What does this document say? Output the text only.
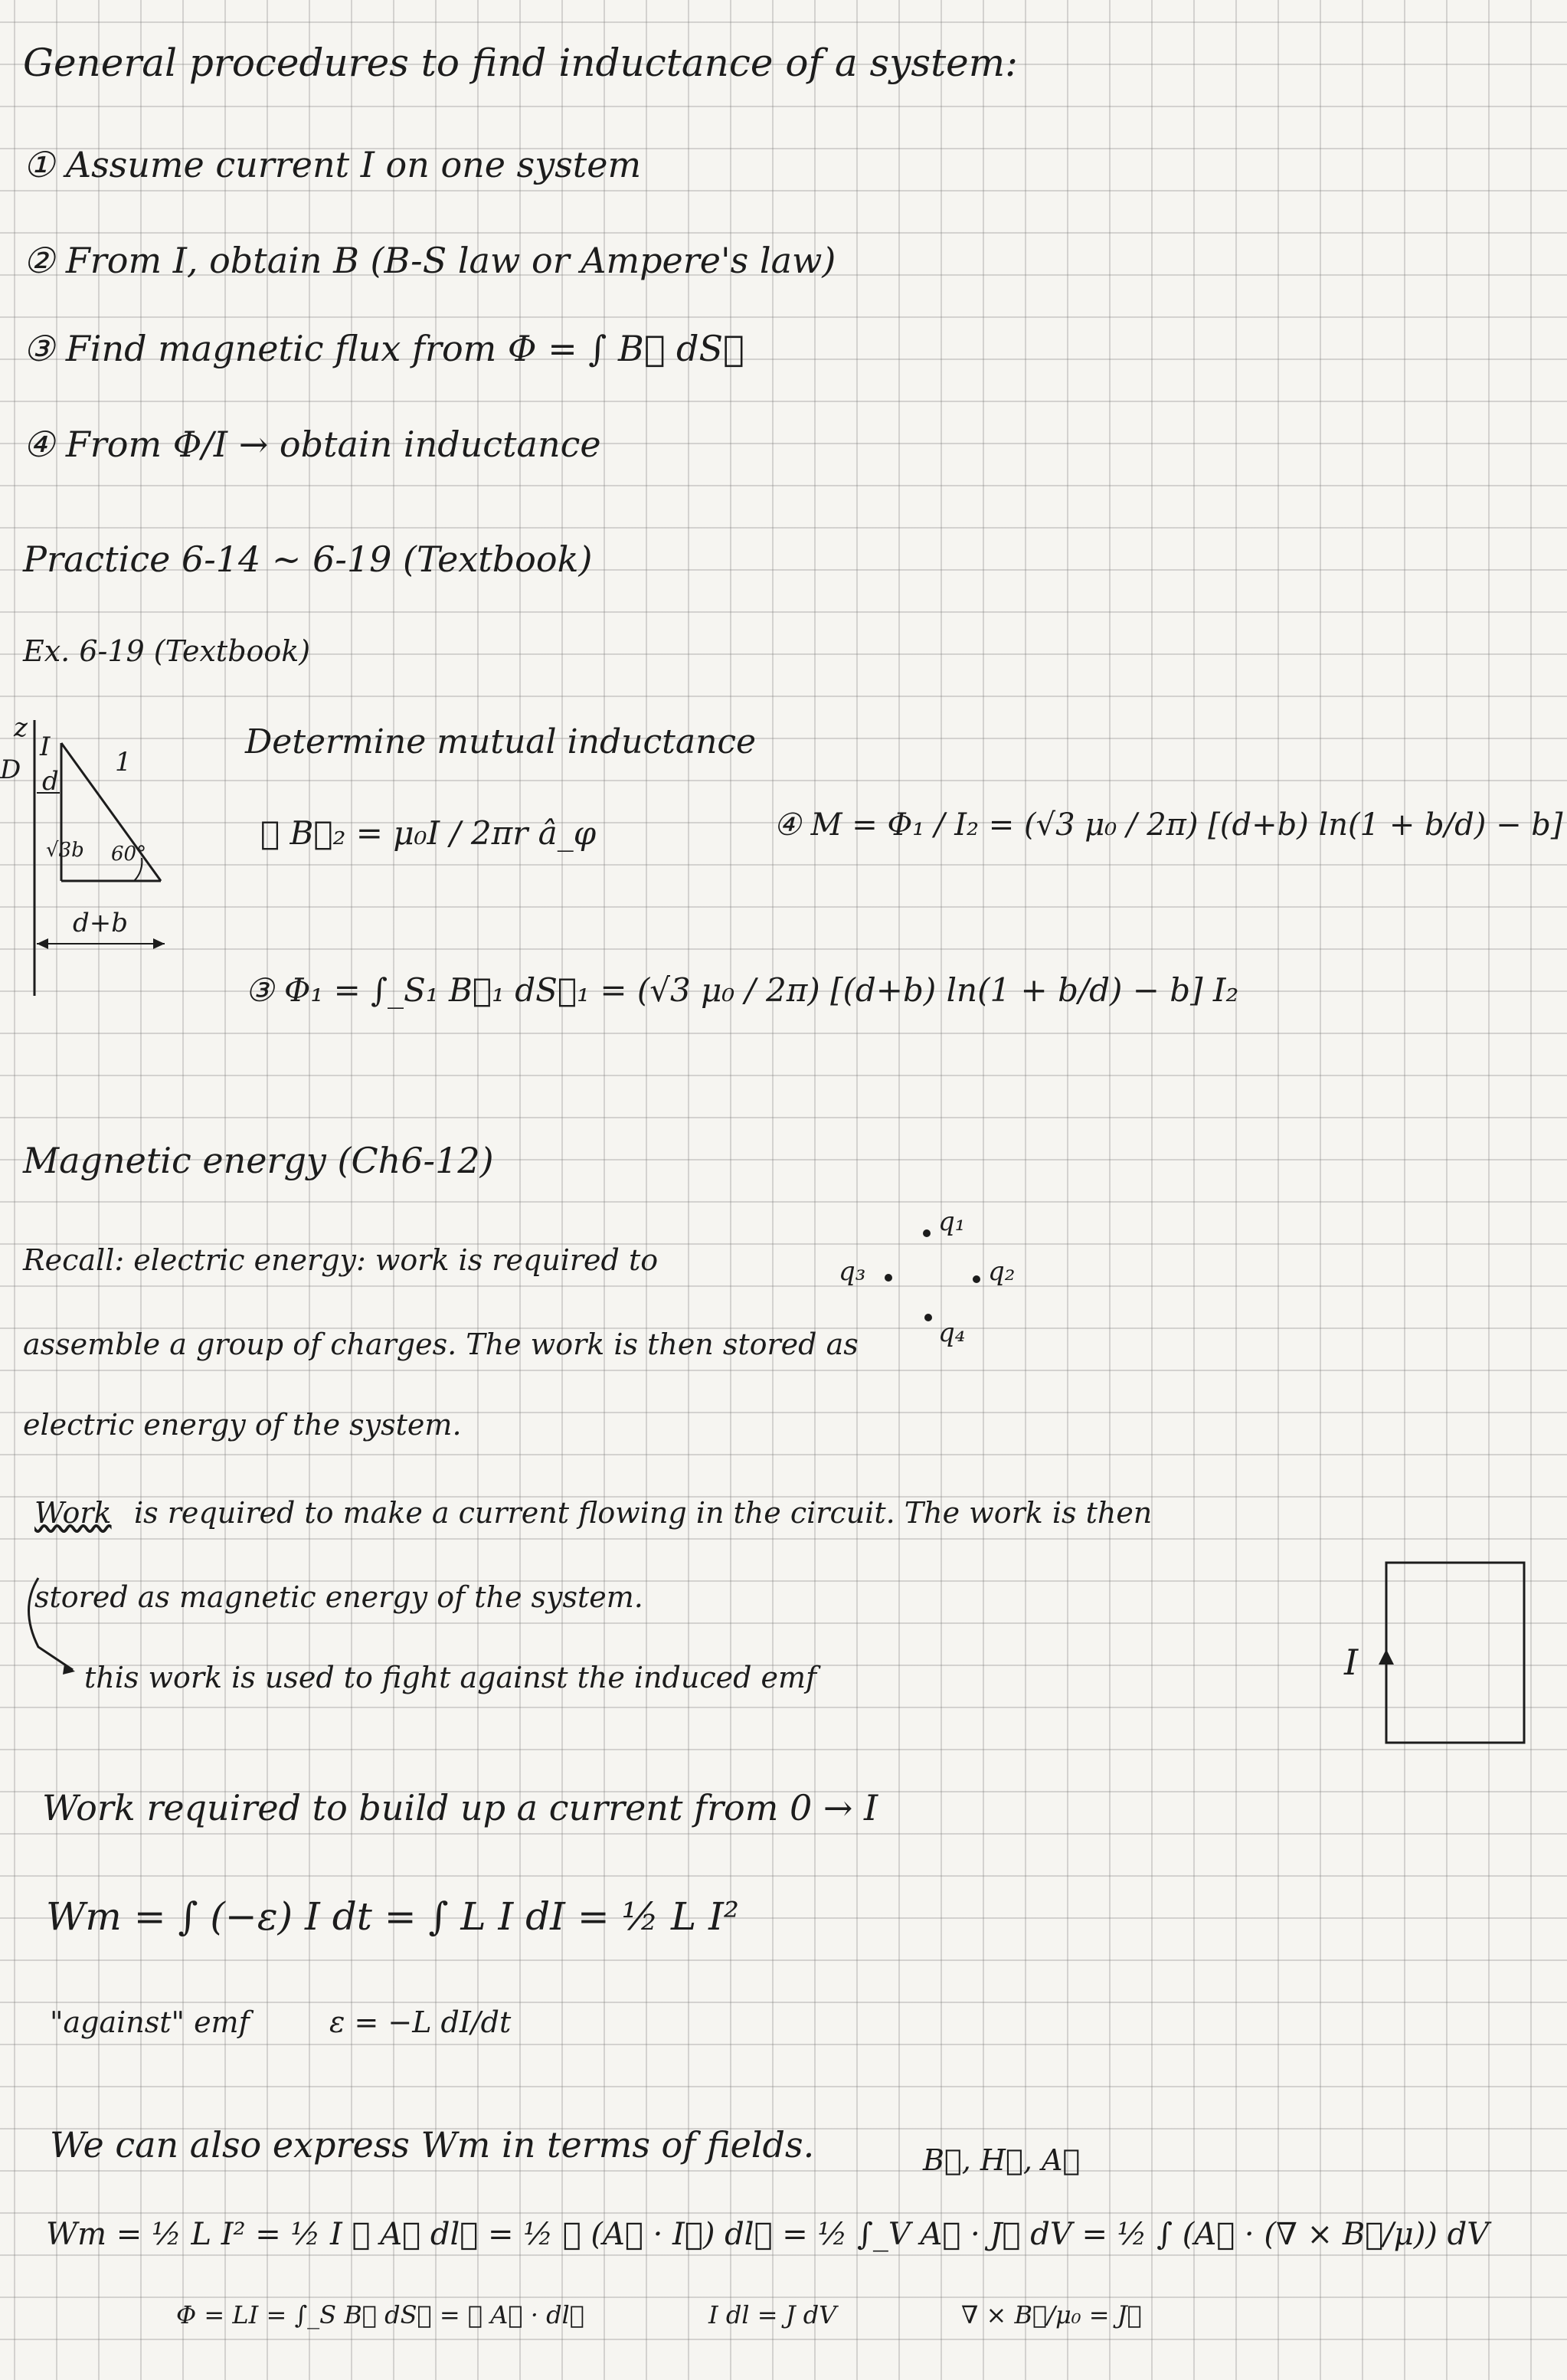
General procedures to find inductance of a system:
① Assume current I on one system
② From I, obtain B (B-S law or Ampere's law)
③ Find magnetic flux from Φ = ∫ B⃗ dS⃗
④ From Φ/I → obtain inductance
Practice 6-14 ~ 6-19 (Textbook)
Ex. 6-19 (Textbook)
z
D
I
d
1
√3b 60°
d+b
Determine mutual inductance
② B⃗₂ = μ₀I / 2πr â_φ	④ M = Φ₁ / I₂ = (√3 μ₀ / 2π) [(d+b) ln(1 + b/d) − b]
③ Φ₁ = ∫_S₁ B⃗₁ dS⃗₁ = (√3 μ₀ / 2π) [(d+b) ln(1 + b/d) − b] I₂
Magnetic energy (Ch6-12)
Recall: electric energy: work is required to
assemble a group of charges. The work is then stored as
electric energy of the system.
q₁
q₂
q₃
q₄
Work is required to make a current flowing in the circuit. The work is then
stored as magnetic energy of the system.
this work is used to fight against the induced emf	I
Work required to build up a current from 0 → I
Wm = ∫ (−ε) I dt = ∫ L I dI = ½ L I²
"against" emf	ε = −L dI/dt
We can also express Wm in terms of fields.	B⃗, H⃗, A⃗
Wm = ½ L I² = ½ I ∮ A⃗ dl⃗ = ½ ∮ (A⃗ · I⃗) dl⃗ = ½ ∫_V A⃗ · J⃗ dV = ½ ∫ (A⃗ · (∇ × B⃗/μ)) dV
Φ = LI = ∫_S B⃗ dS⃗ = ∮ A⃗ · dl⃗	I dl = J dV	∇ × B⃗/μ₀ = J⃗
